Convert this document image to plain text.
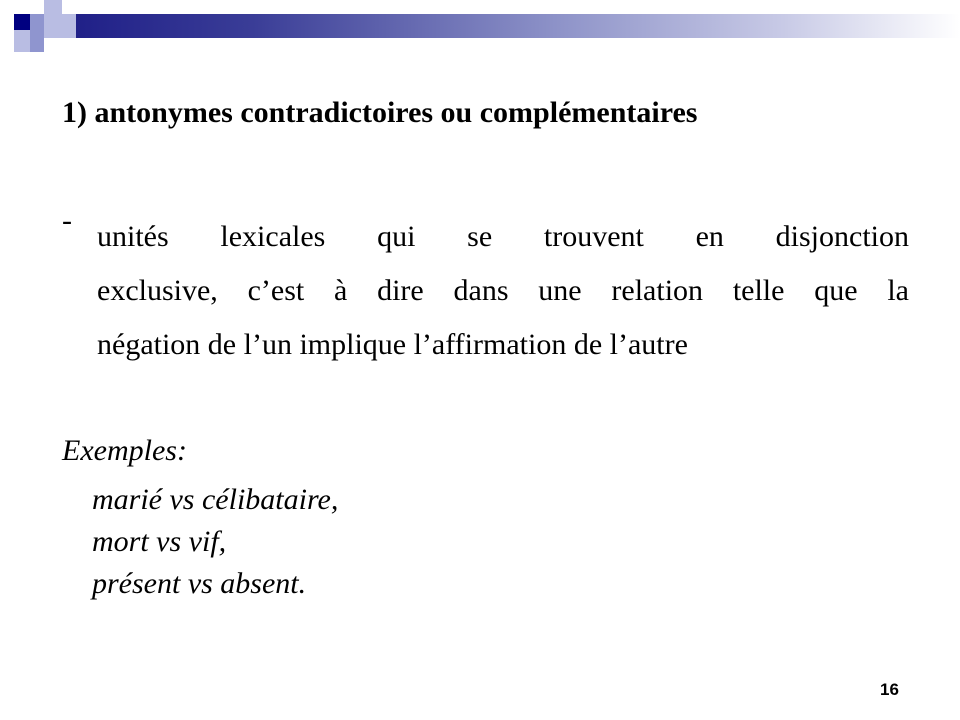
1) antonymes contradictoires ou complémentaires
- unités lexicales qui se trouvent en disjonction
exclusive, c’est à dire dans une relation telle que la
négation de l’un implique l’affirmation de l’autre

Exemples:

marié vs célibataire,
mort vs vif,
présent vs absent.
16
